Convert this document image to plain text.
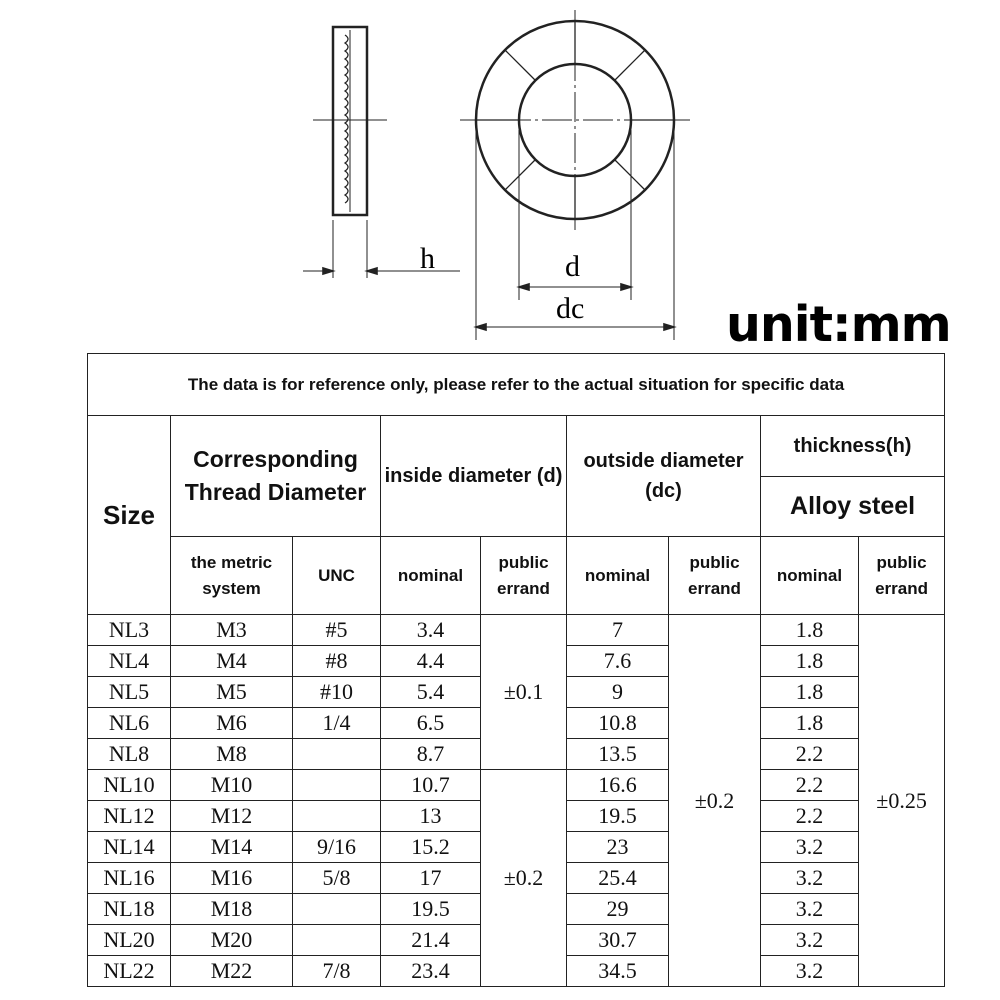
h	d
dc	unit:mm
The data is for reference only, please refer to the actual situation for specific data								
Size	Corresponding Thread Diameter		inside diameter (d)		outside diameter (dc)		thickness(h)	
							Alloy steel	
	the metric system	UNC	nominal	public errand	nominal	public errand	nominal	public errand
NL3	M3	#5	3.4	±0.1	7	±0.2	1.8	±0.25
NL4	M4	#8	4.4		7.6		1.8	
NL5	M5	#10	5.4		9		1.8	
NL6	M6	1/4	6.5		10.8		1.8	
NL8	M8		8.7		13.5		2.2	
NL10	M10		10.7	±0.2	16.6		2.2	
NL12	M12		13		19.5		2.2	
NL14	M14	9/16	15.2		23		3.2	
NL16	M16	5/8	17		25.4		3.2	
NL18	M18		19.5		29		3.2	
NL20	M20		21.4		30.7		3.2	
NL22	M22	7/8	23.4		34.5		3.2	
